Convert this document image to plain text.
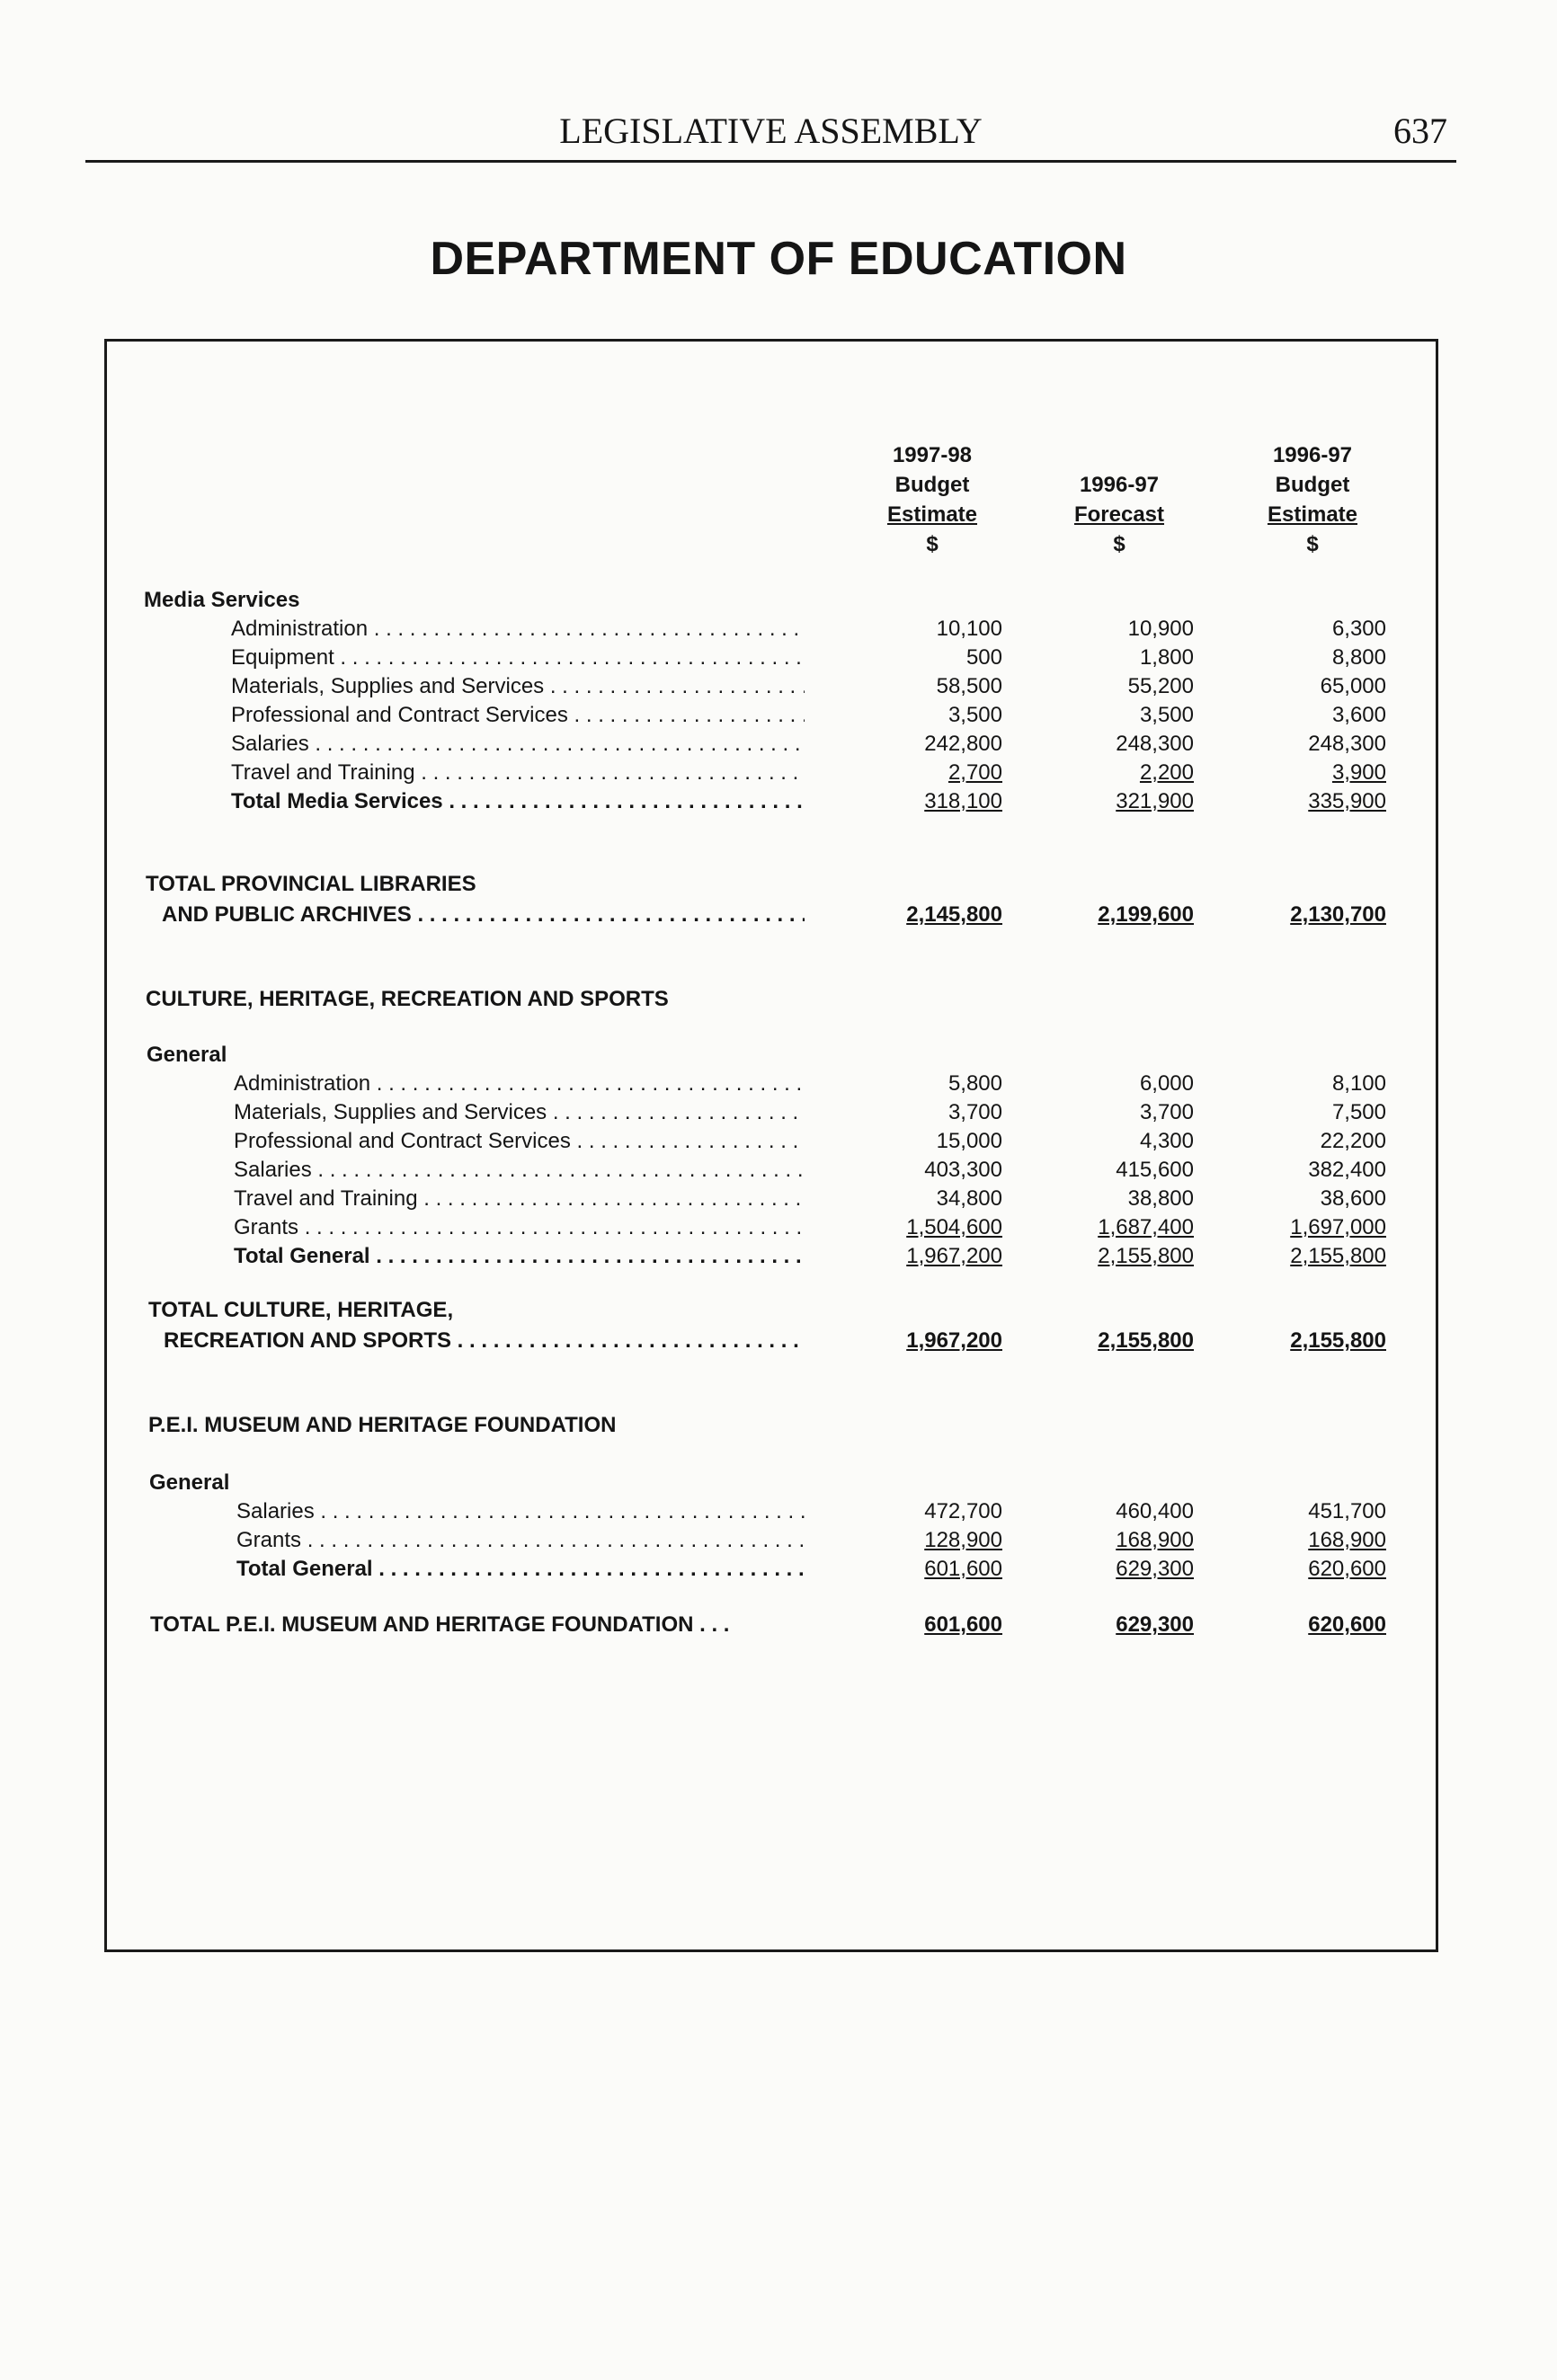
LEGISLATIVE ASSEMBLY	637
DEPARTMENT OF EDUCATION
1997-98
Budget
Estimate
$
1996-97
Forecast
$
1996-97
Budget
Estimate
$
Media Services
Administration . . .	10,100	10,900	6,300
Equipment . . .	500	1,800	8,800
Materials, Supplies and Services . . .	58,500	55,200	65,000
Professional and Contract Services . . .	3,500	3,500	3,600
Salaries . . .	242,800	248,300	248,300
Travel and Training . . .	2,700	2,200	3,900
Total Media Services . . .	318,100	321,900	335,900
TOTAL PROVINCIAL LIBRARIES
AND PUBLIC ARCHIVES . . .	2,145,800	2,199,600	2,130,700
CULTURE, HERITAGE, RECREATION AND SPORTS
General
Administration . . .	5,800	6,000	8,100
Materials, Supplies and Services . . .	3,700	3,700	7,500
Professional and Contract Services . . .	15,000	4,300	22,200
Salaries . . .	403,300	415,600	382,400
Travel and Training . . .	34,800	38,800	38,600
Grants . . .	1,504,600	1,687,400	1,697,000
Total General . . .	1,967,200	2,155,800	2,155,800
TOTAL CULTURE, HERITAGE,
RECREATION AND SPORTS . . .	1,967,200	2,155,800	2,155,800
P.E.I. MUSEUM AND HERITAGE FOUNDATION
General
Salaries . . .	472,700	460,400	451,700
Grants . . .	128,900	168,900	168,900
Total General . . .	601,600	629,300	620,600
TOTAL P.E.I. MUSEUM AND HERITAGE FOUNDATION . . .	601,600	629,300	620,600
